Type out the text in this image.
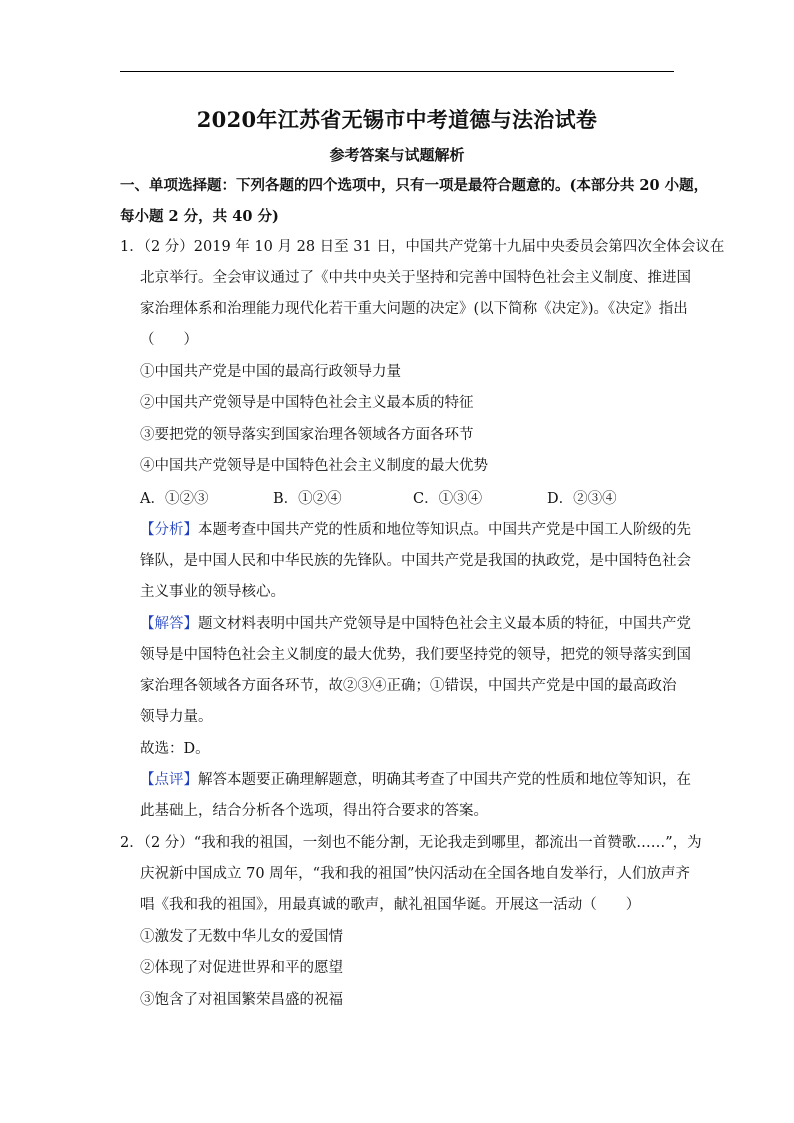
2020年江苏省无锡市中考道德与法治试卷
参考答案与试题解析
一、单项选择题：下列各题的四个选项中，只有一项是最符合题意的。(本部分共 20 小题，
每小题 2 分，共 40 分)
1．（2 分）2019 年 10 月 28 日至 31 日，中国共产党第十九届中央委员会第四次全体会议在
北京举行。全会审议通过了《中共中央关于坚持和完善中国特色社会主义制度、推进国
家治理体系和治理能力现代化若干重大问题的决定》(以下简称《决定》)。《决定》指出
（　　）
①中国共产党是中国的最高行政领导力量
②中国共产党领导是中国特色社会主义最本质的特征
③要把党的领导落实到国家治理各领域各方面各环节
④中国共产党领导是中国特色社会主义制度的最大优势
A．①②③	B．①②④	C．①③④	D．②③④
【分析】本题考查中国共产党的性质和地位等知识点。中国共产党是中国工人阶级的先
锋队，是中国人民和中华民族的先锋队。中国共产党是我国的执政党，是中国特色社会
主义事业的领导核心。
【解答】题文材料表明中国共产党领导是中国特色社会主义最本质的特征，中国共产党
领导是中国特色社会主义制度的最大优势，我们要坚持党的领导，把党的领导落实到国
家治理各领域各方面各环节，故②③④正确；①错误，中国共产党是中国的最高政治
领导力量。
故选：D。
【点评】解答本题要正确理解题意，明确其考查了中国共产党的性质和地位等知识，在
此基础上，结合分析各个选项，得出符合要求的答案。
2．（2 分）“我和我的祖国，一刻也不能分割，无论我走到哪里，都流出一首赞歌……”，为
庆祝新中国成立 70 周年，“我和我的祖国”快闪活动在全国各地自发举行，人们放声齐
唱《我和我的祖国》，用最真诚的歌声，献礼祖国华诞。开展这一活动（　　）
①激发了无数中华儿女的爱国情
②体现了对促进世界和平的愿望
③饱含了对祖国繁荣昌盛的祝福
